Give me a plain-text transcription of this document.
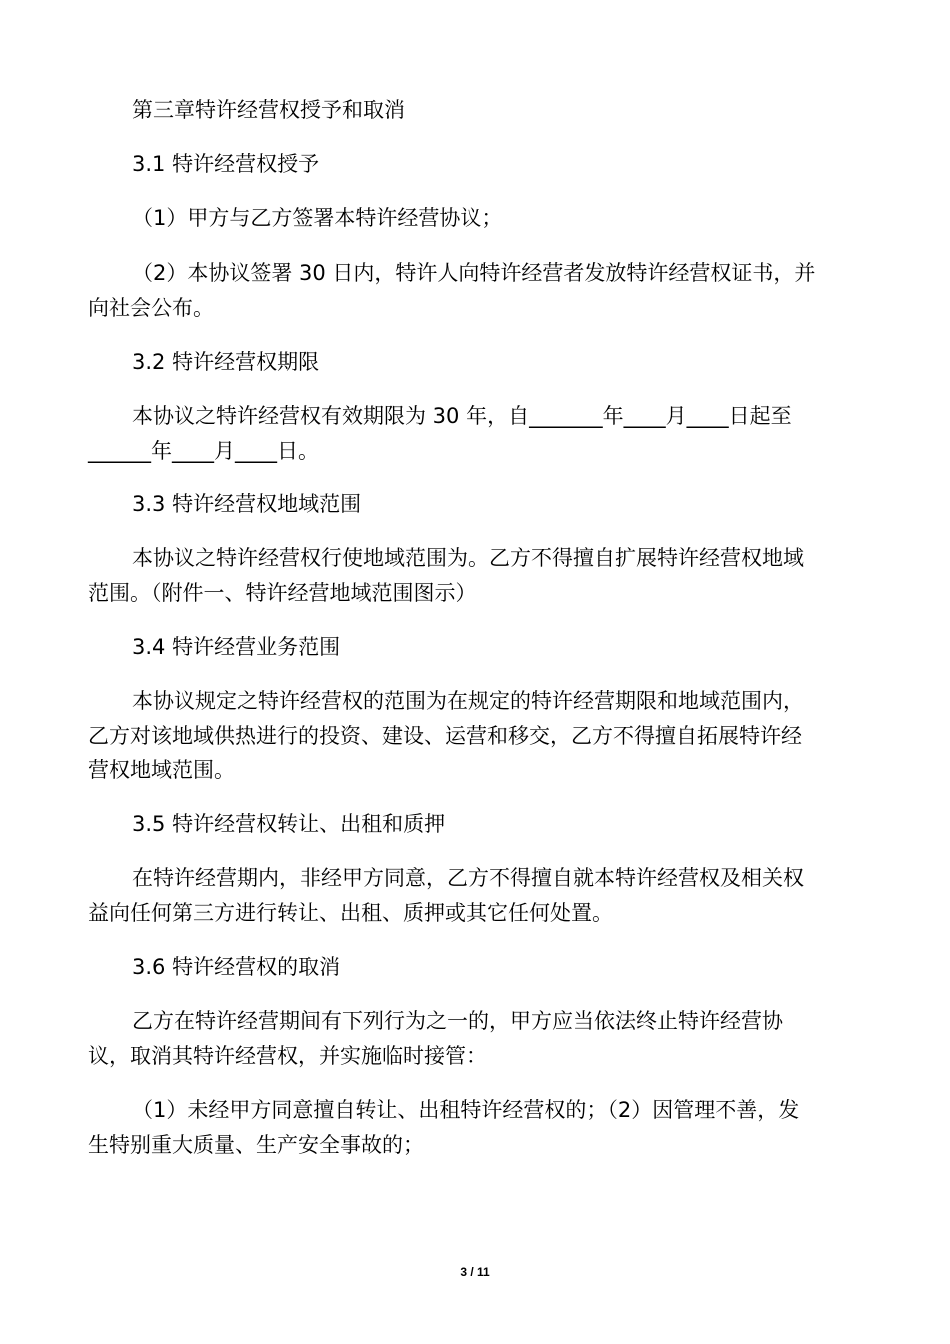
第三章特许经营权授予和取消
3.1 特许经营权授予
（1）甲方与乙方签署本特许经营协议；
（2）本协议签署 30 日内，特许人向特许经营者发放特许经营权证书，并
向社会公布。
3.2 特许经营权期限
本协议之特许经营权有效期限为 30 年，自_______年____月____日起至
______年____月____日。
3.3 特许经营权地域范围
本协议之特许经营权行使地域范围为。乙方不得擅自扩展特许经营权地域
范围。（附件一、特许经营地域范围图示）
3.4 特许经营业务范围
本协议规定之特许经营权的范围为在规定的特许经营期限和地域范围内，
乙方对该地域供热进行的投资、建设、运营和移交，乙方不得擅自拓展特许经
营权地域范围。
3.5 特许经营权转让、出租和质押
在特许经营期内，非经甲方同意，乙方不得擅自就本特许经营权及相关权
益向任何第三方进行转让、出租、质押或其它任何处置。
3.6 特许经营权的取消
乙方在特许经营期间有下列行为之一的，甲方应当依法终止特许经营协
议，取消其特许经营权，并实施临时接管：
（1）未经甲方同意擅自转让、出租特许经营权的；（2）因管理不善，发
生特别重大质量、生产安全事故的；
3 / 11
